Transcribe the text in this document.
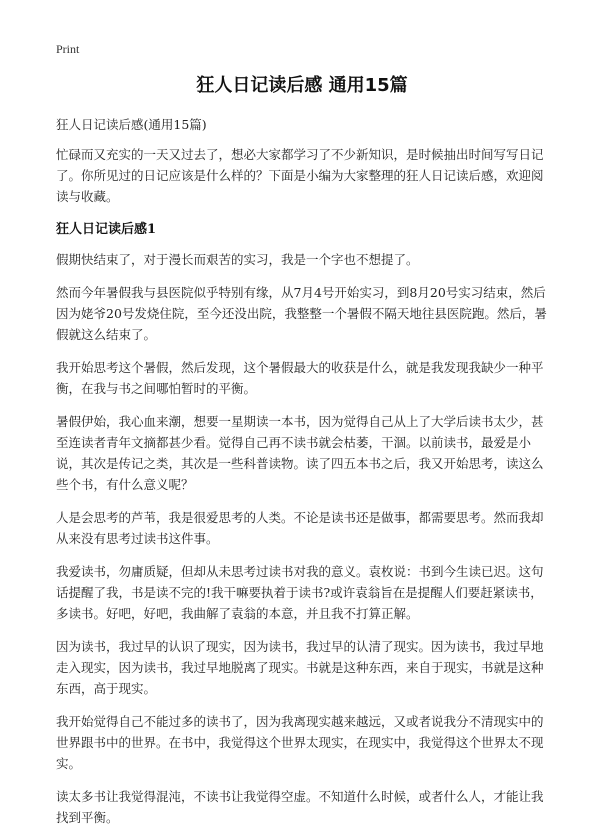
Print
狂人日记读后感 通用15篇
狂人日记读后感(通用15篇)

忙碌而又充实的一天又过去了，想必大家都学习了不少新知识，是时候抽出时间写写日记了。你所见过的日记应该是什么样的？下面是小编为大家整理的狂人日记读后感，欢迎阅读与收藏。

狂人日记读后感1

假期快结束了，对于漫长而艰苦的实习，我是一个字也不想提了。

然而今年暑假我与县医院似乎特别有缘，从7月4号开始实习，到8月20号实习结束，然后因为姥爷20号发烧住院，至今还没出院，我整整一个暑假不隔天地往县医院跑。然后，暑假就这么结束了。

我开始思考这个暑假，然后发现，这个暑假最大的收获是什么，就是我发现我缺少一种平衡，在我与书之间哪怕暂时的平衡。

暑假伊始，我心血来潮，想要一星期读一本书，因为觉得自己从上了大学后读书太少，甚至连读者青年文摘都甚少看。觉得自己再不读书就会枯萎，干涸。以前读书，最爱是小说，其次是传记之类，其次是一些科普读物。读了四五本书之后，我又开始思考，读这么些个书，有什么意义呢？

人是会思考的芦苇，我是很爱思考的人类。不论是读书还是做事，都需要思考。然而我却从来没有思考过读书这件事。

我爱读书，勿庸质疑，但却从未思考过读书对我的意义。袁枚说：书到今生读已迟。这句话提醒了我，书是读不完的!我干嘛要执着于读书?或许袁翁旨在是提醒人们要赶紧读书，多读书。好吧，好吧，我曲解了袁翁的本意，并且我不打算正解。

因为读书，我过早的认识了现实，因为读书，我过早的认清了现实。因为读书，我过早地走入现实，因为读书，我过早地脱离了现实。书就是这种东西，来自于现实，书就是这种东西，高于现实。

我开始觉得自己不能过多的读书了，因为我离现实越来越远，又或者说我分不清现实中的世界跟书中的世界。在书中，我觉得这个世界太现实，在现实中，我觉得这个世界太不现实。

读太多书让我觉得混沌，不读书让我觉得空虚。不知道什么时候，或者什么人，才能让我找到平衡。
